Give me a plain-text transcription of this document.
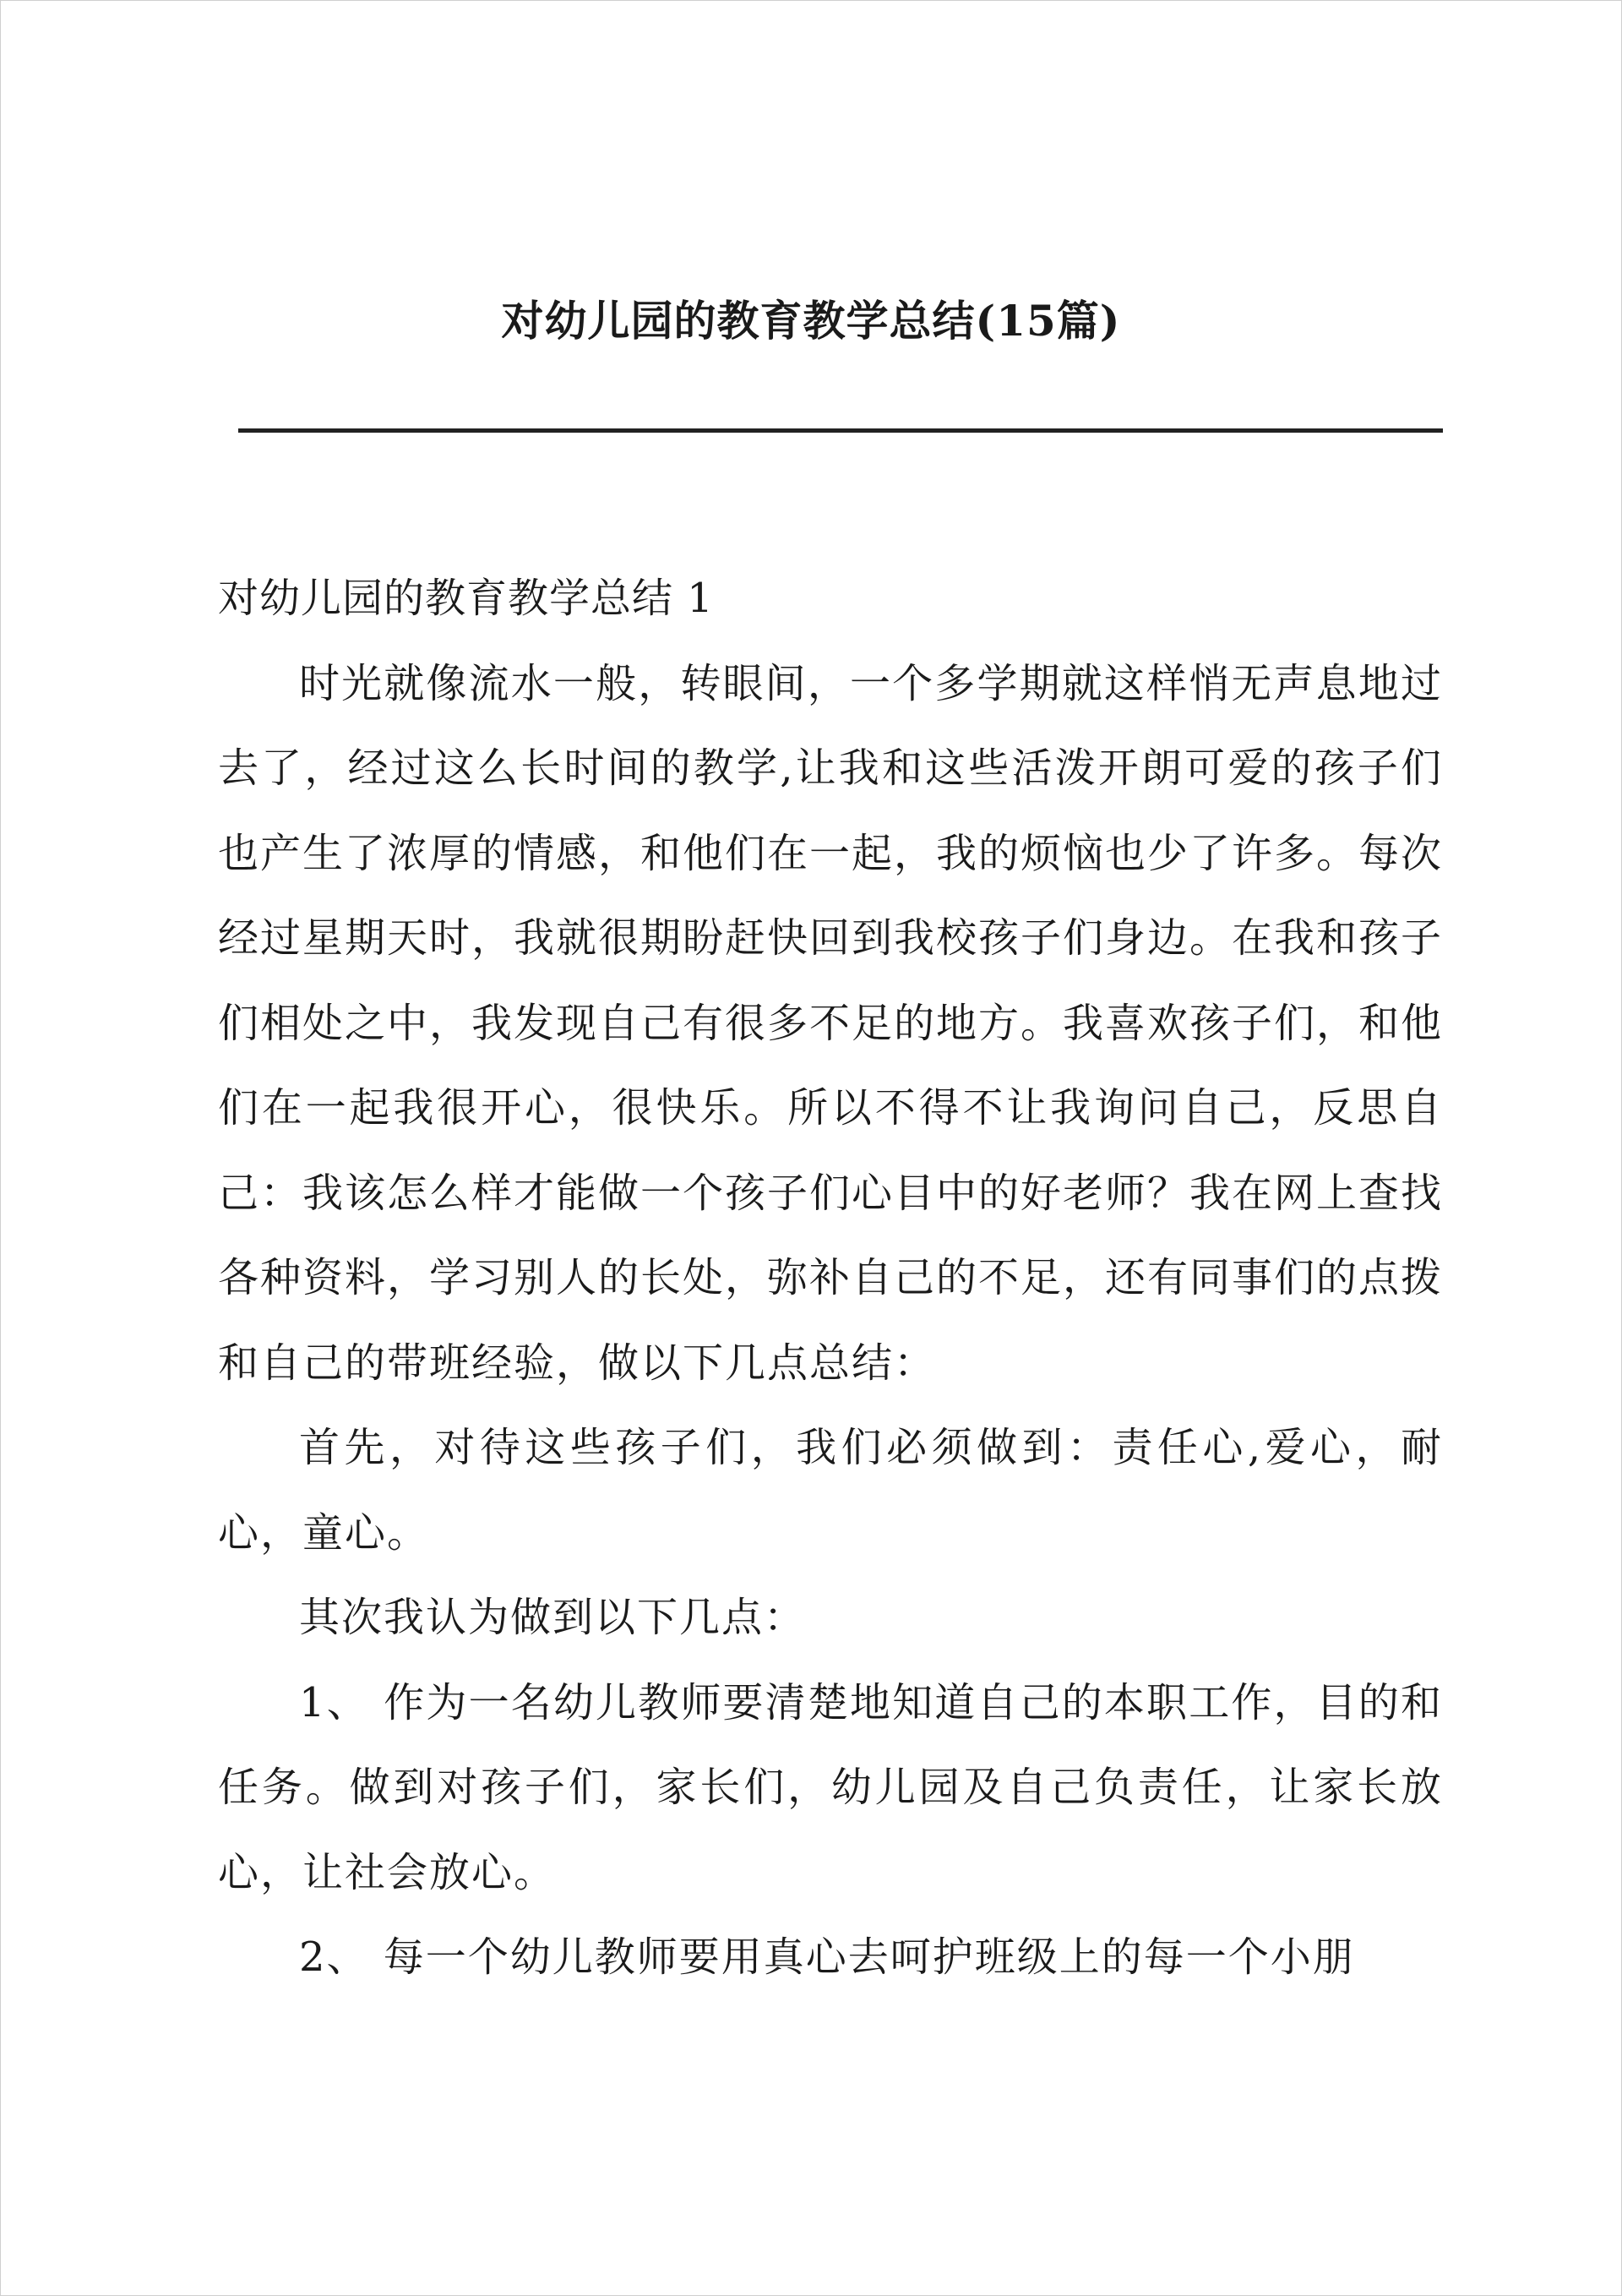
对幼儿园的教育教学总结(15篇)

对幼儿园的教育教学总结 1

时光就像流水一般，转眼间，一个多学期就这样悄无声息地过去了，经过这么长时间的教学,让我和这些活泼开朗可爱的孩子们也产生了浓厚的情感，和他们在一起，我的烦恼也少了许多。每次经过星期天时，我就很期盼赶快回到我校孩子们身边。在我和孩子们相处之中，我发现自己有很多不足的地方。我喜欢孩子们，和他们在一起我很开心，很快乐。所以不得不让我询问自己，反思自己：我该怎么样才能做一个孩子们心目中的好老师？我在网上查找各种资料，学习别人的长处，弥补自己的不足，还有同事们的点拨和自己的带班经验，做以下几点总结：

首先，对待这些孩子们，我们必须做到：责任心,爱心，耐心，童心。

其次我认为做到以下几点：

1、 作为一名幼儿教师要清楚地知道自己的本职工作，目的和任务。做到对孩子们，家长们，幼儿园及自己负责任，让家长放心，让社会放心。

2、 每一个幼儿教师要用真心去呵护班级上的每一个小朋
